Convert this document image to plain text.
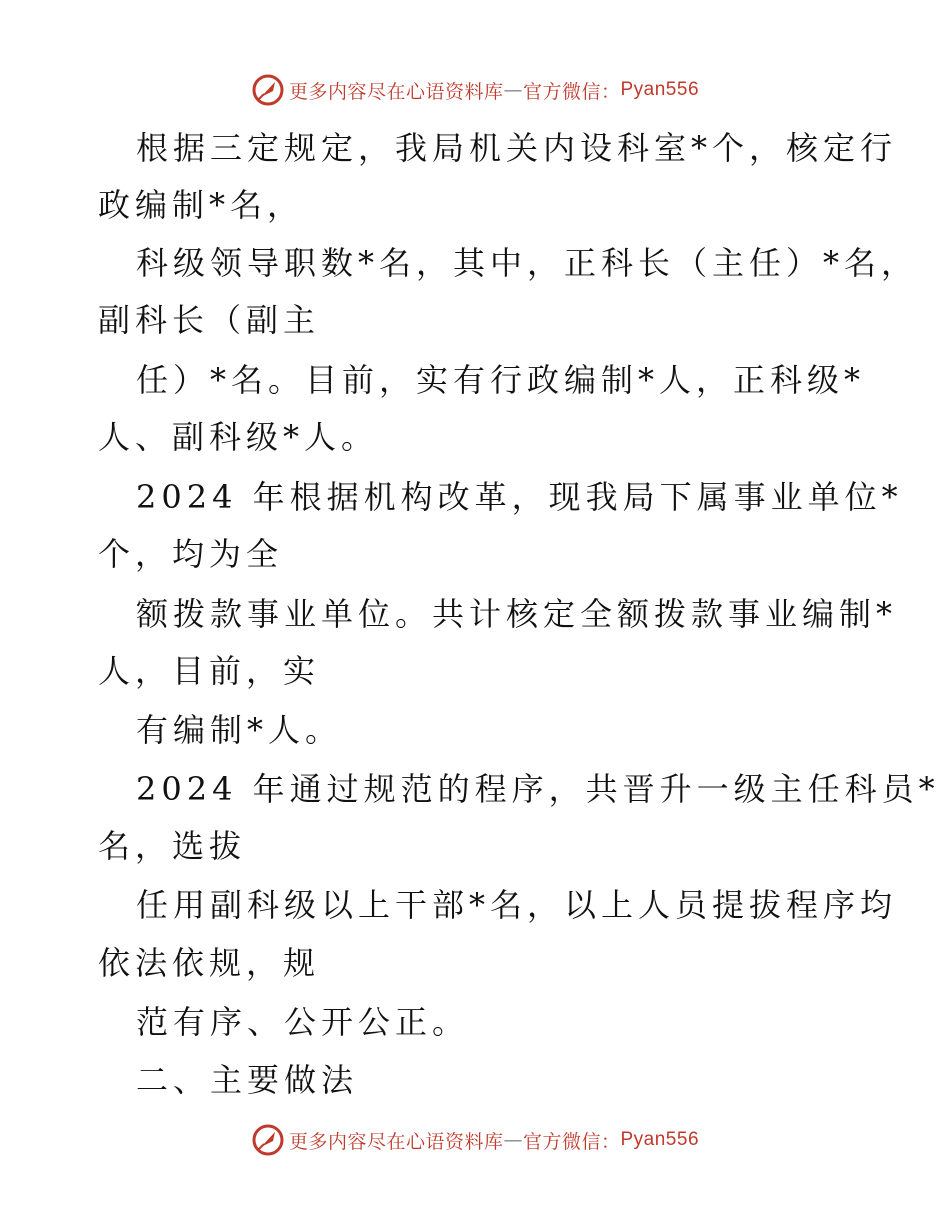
更多内容尽在心语资料库 — 官方微信： Pyan556
根据三定规定，我局机关内设科室*个，核定行
政编制*名，
科级领导职数*名，其中，正科长（主任）*名，
副科长（副主
任）*名。目前，实有行政编制*人，正科级*
人、副科级*人。
2024 年根据机构改革，现我局下属事业单位*
个，均为全
额拨款事业单位。共计核定全额拨款事业编制*
人，目前，实
有编制*人。
2024 年通过规范的程序，共晋升一级主任科员*
名，选拔
任用副科级以上干部*名，以上人员提拔程序均
依法依规，规
范有序、公开公正。
二、主要做法
更多内容尽在心语资料库 — 官方微信： Pyan556
